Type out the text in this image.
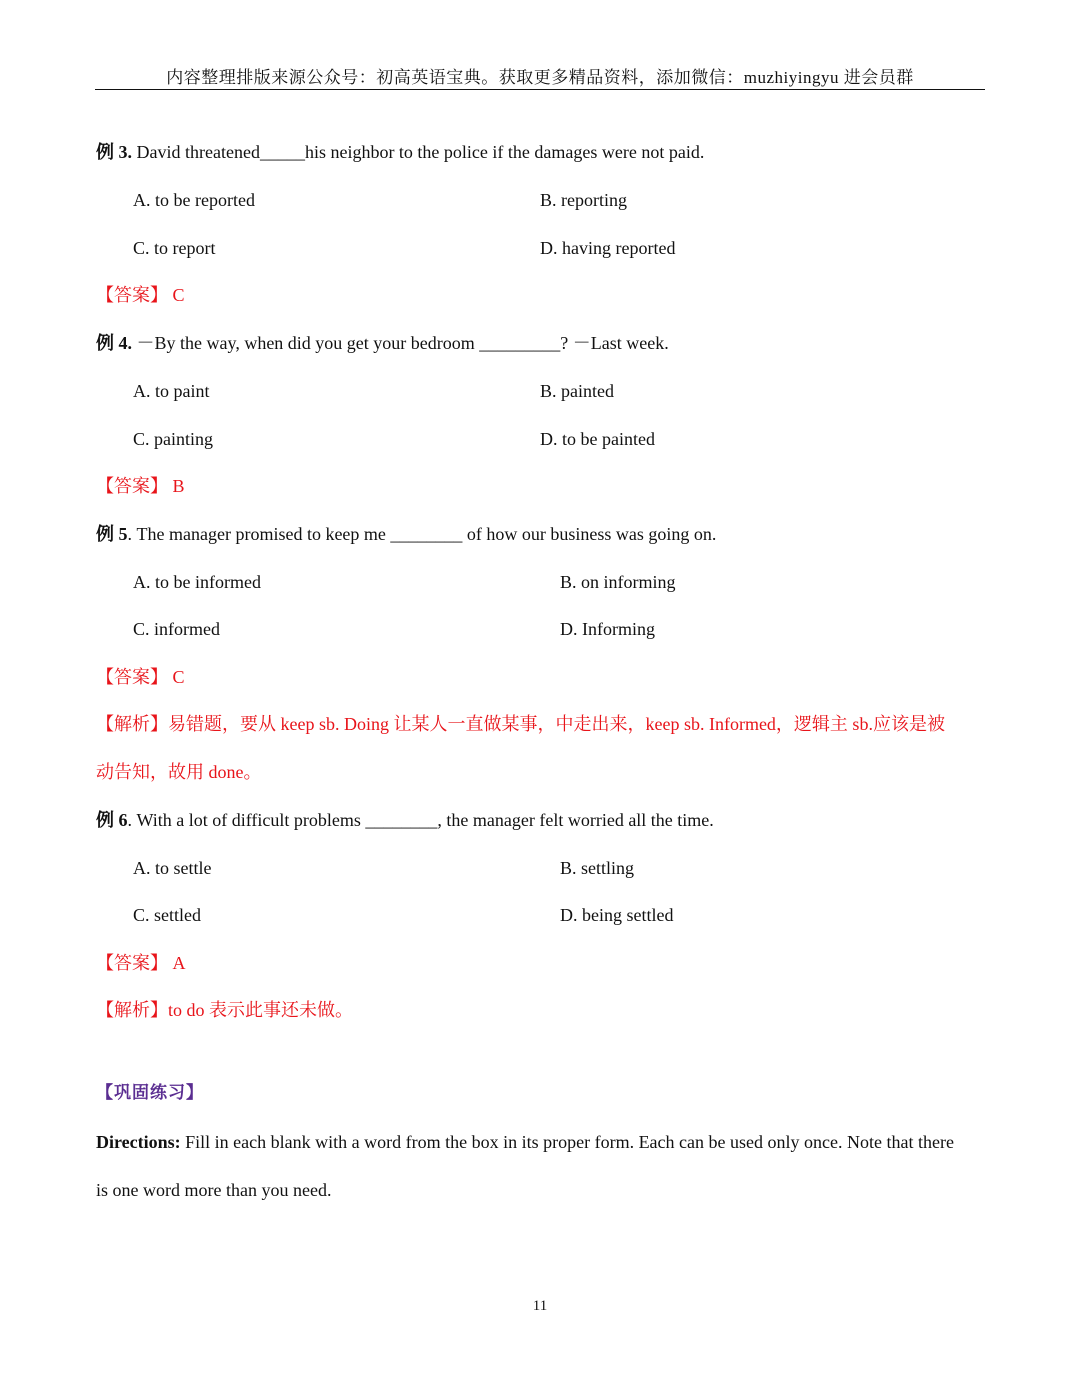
内容整理排版来源公众号：初高英语宝典。获取更多精品资料，添加微信：muzhiyingyu 进会员群
例 3. David threatened_____his neighbor to the police if the damages were not paid.
A. to be reported	B. reporting
C. to report	D. having reported
【答案】 C
例 4. －By the way, when did you get your bedroom _________? －Last week.
A. to paint	B. painted
C. painting	D. to be painted
【答案】 B
例 5. The manager promised to keep me ________ of how our business was going on.
A. to be informed	B. on informing
C. informed	D. Informing
【答案】 C
【解析】易错题，要从 keep sb. Doing 让某人一直做某事，中走出来，keep sb. Informed，逻辑主 sb.应该是被
动告知，故用 done。
例 6. With a lot of difficult problems ________, the manager felt worried all the time.
A. to settle	B. settling
C. settled	D. being settled
【答案】 A
【解析】to do 表示此事还未做。
【巩固练习】
Directions: Fill in each blank with a word from the box in its proper form. Each can be used only once. Note that there
is one word more than you need.
11
